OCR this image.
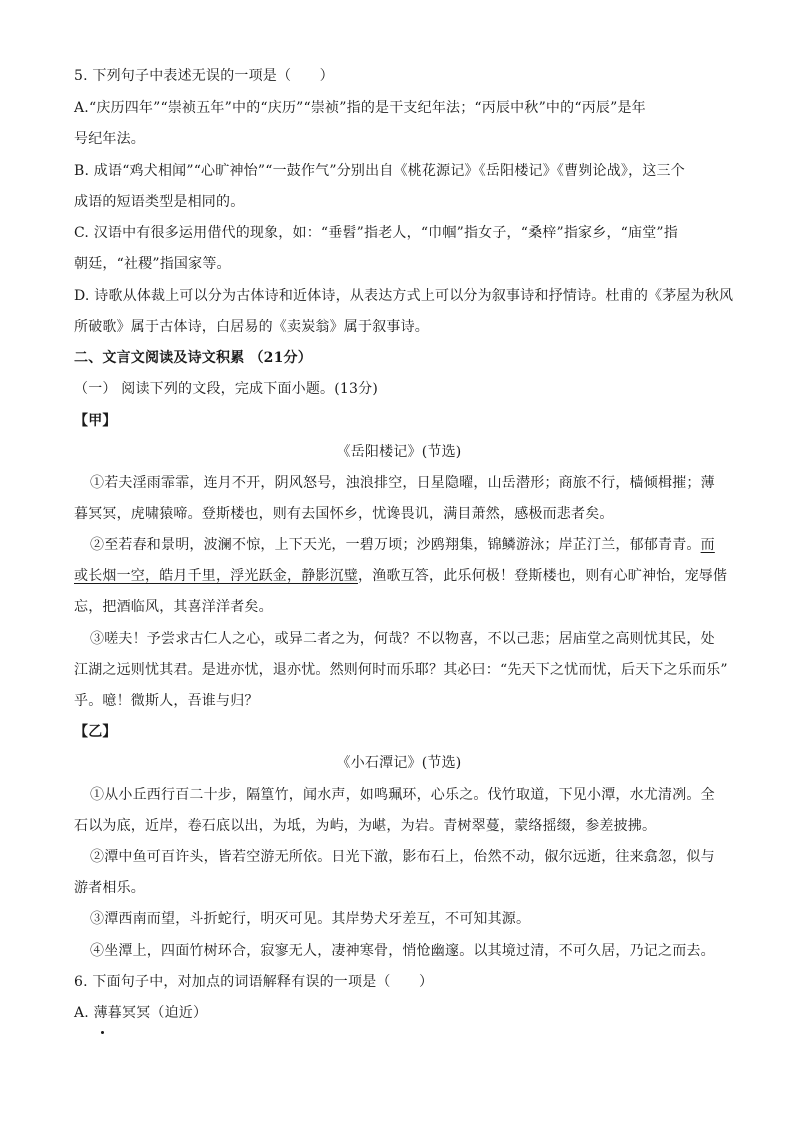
5. 下列句子中表述无误的一项是（　　）
A.“庆历四年”“崇祯五年”中的“庆历”“崇祯”指的是干支纪年法；“丙辰中秋”中的“丙辰”是年
号纪年法。
B. 成语“鸡犬相闻”“心旷神怡”“一鼓作气”分别出自《桃花源记》《岳阳楼记》《曹刿论战》，这三个
成语的短语类型是相同的。
C. 汉语中有很多运用借代的现象，如：“垂髫”指老人，“巾帼”指女子，“桑梓”指家乡，“庙堂”指
朝廷，“社稷”指国家等。
D. 诗歌从体裁上可以分为古体诗和近体诗，从表达方式上可以分为叙事诗和抒情诗。杜甫的《茅屋为秋风
所破歌》属于古体诗，白居易的《卖炭翁》属于叙事诗。
二、文言文阅读及诗文积累 （21分）
（一） 阅读下列的文段，完成下面小题。(13分)
【甲】
《岳阳楼记》(节选)
①若夫淫雨霏霏，连月不开，阴风怒号，浊浪排空，日星隐曜，山岳潜形；商旅不行，樯倾楫摧；薄
暮冥冥，虎啸猿啼。登斯楼也，则有去国怀乡，忧谗畏讥，满目萧然，感极而悲者矣。
②至若春和景明，波澜不惊，上下天光，一碧万顷；沙鸥翔集，锦鳞游泳；岸芷汀兰，郁郁青青。而
或长烟一空，皓月千里，浮光跃金，静影沉璧，渔歌互答，此乐何极！登斯楼也，则有心旷神怡，宠辱偕
忘，把酒临风，其喜洋洋者矣。
③嗟夫！予尝求古仁人之心，或异二者之为，何哉？不以物喜，不以己悲；居庙堂之高则忧其民，处
江湖之远则忧其君。是进亦忧，退亦忧。然则何时而乐耶？其必曰：“先天下之忧而忧，后天下之乐而乐”
乎。噫！微斯人，吾谁与归？
【乙】
《小石潭记》(节选)
①从小丘西行百二十步，隔篁竹，闻水声，如鸣珮环，心乐之。伐竹取道，下见小潭，水尤清冽。全
石以为底，近岸，卷石底以出，为坻，为屿，为嵁，为岩。青树翠蔓，蒙络摇缀，参差披拂。
②潭中鱼可百许头，皆若空游无所依。日光下澈，影布石上，佁然不动，俶尔远逝，往来翕忽，似与
游者相乐。
③潭西南而望，斗折蛇行，明灭可见。其岸势犬牙差互，不可知其源。
④坐潭上，四面竹树环合，寂寥无人，凄神寒骨，悄怆幽邃。以其境过清，不可久居，乃记之而去。
6. 下面句子中，对加点的词语解释有误的一项是（　　）
A. 薄暮冥冥（迫近）
